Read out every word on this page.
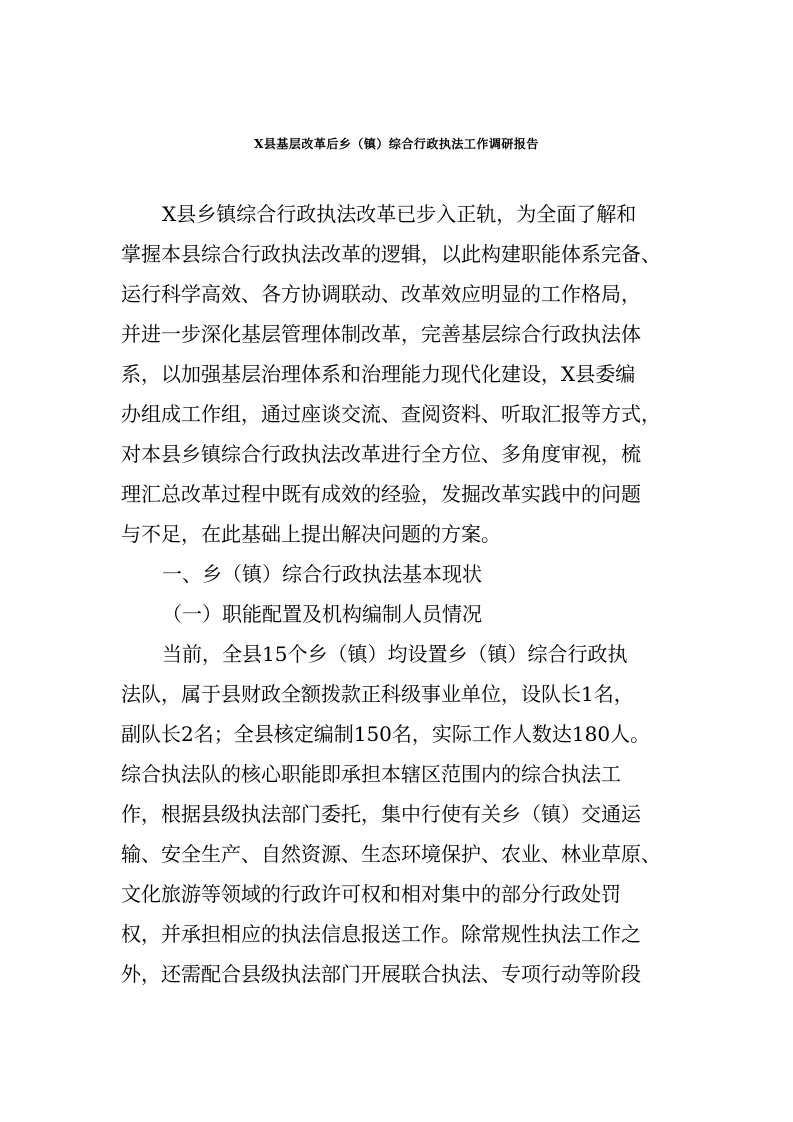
X县基层改革后乡（镇）综合行政执法工作调研报告
X县乡镇综合行政执法改革已步入正轨，为全面了解和
掌握本县综合行政执法改革的逻辑，以此构建职能体系完备、
运行科学高效、各方协调联动、改革效应明显的工作格局，
并进一步深化基层管理体制改革，完善基层综合行政执法体
系，以加强基层治理体系和治理能力现代化建设，X县委编
办组成工作组，通过座谈交流、查阅资料、听取汇报等方式，
对本县乡镇综合行政执法改革进行全方位、多角度审视，梳
理汇总改革过程中既有成效的经验，发掘改革实践中的问题
与不足，在此基础上提出解决问题的方案。
一、乡（镇）综合行政执法基本现状
（一）职能配置及机构编制人员情况
当前，全县15个乡（镇）均设置乡（镇）综合行政执
法队，属于县财政全额拨款正科级事业单位，设队长1名，
副队长2名；全县核定编制150名，实际工作人数达180人。
综合执法队的核心职能即承担本辖区范围内的综合执法工
作，根据县级执法部门委托，集中行使有关乡（镇）交通运
输、安全生产、自然资源、生态环境保护、农业、林业草原、
文化旅游等领域的行政许可权和相对集中的部分行政处罚
权，并承担相应的执法信息报送工作。除常规性执法工作之
外，还需配合县级执法部门开展联合执法、专项行动等阶段
